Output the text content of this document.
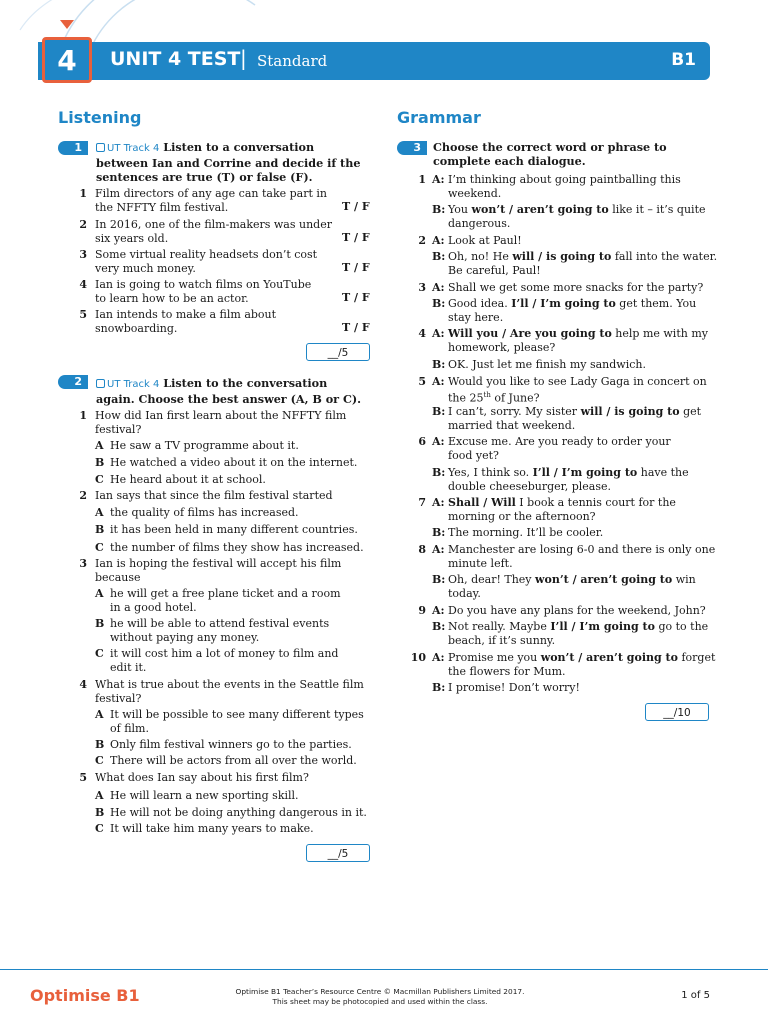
4 UNIT 4 TEST | Standard	B1
Listening
1	UT Track 4 Listen to a conversation
between Ian and Corrine and decide if the
sentences are true (T) or false (F).
1 Film directors of any age can take part in
the NFFTY film festival.	T / F
2 In 2016, one of the film-makers was under
six years old.	T / F
3 Some virtual reality headsets don’t cost
very much money.	T / F
4 Ian is going to watch films on YouTube
to learn how to be an actor.	T / F
5 Ian intends to make a film about
snowboarding.	T / F
__/5
2	UT Track 4 Listen to the conversation
again. Choose the best answer (A, B or C).
1 How did Ian first learn about the NFFTY film
festival?
A He saw a TV programme about it.
B He watched a video about it on the internet.
C He heard about it at school.
2 Ian says that since the film festival started
A the quality of films has increased.
B it has been held in many different countries.
C the number of films they show has increased.
3 Ian is hoping the festival will accept his film
because
A he will get a free plane ticket and a room
in a good hotel.
B he will be able to attend festival events
without paying any money.
C it will cost him a lot of money to film and
edit it.
4 What is true about the events in the Seattle film
festival?
A It will be possible to see many different types
of film.
B Only film festival winners go to the parties.
C There will be actors from all over the world.
5 What does Ian say about his first film?
A He will learn a new sporting skill.
B He will not be doing anything dangerous in it.
C It will take him many years to make.
__/5
Grammar
3	Choose the correct word or phrase to
complete each dialogue.
1 A: I’m thinking about going paintballing this
weekend.
B: You won’t / aren’t going to like it – it’s quite
dangerous.
2 A: Look at Paul!
B: Oh, no! He will / is going to fall into the water.
Be careful, Paul!
3 A: Shall we get some more snacks for the party?
B: Good idea. I’ll / I’m going to get them. You
stay here.
4 A: Will you / Are you going to help me with my
homework, please?
B: OK. Just let me finish my sandwich.
5 A: Would you like to see Lady Gaga in concert on
the 25th of June?
B: I can’t, sorry. My sister will / is going to get
married that weekend.
6 A: Excuse me. Are you ready to order your
food yet?
B: Yes, I think so. I’ll / I’m going to have the
double cheeseburger, please.
7 A: Shall / Will I book a tennis court for the
morning or the afternoon?
B: The morning. It’ll be cooler.
8 A: Manchester are losing 6-0 and there is only one
minute left.
B: Oh, dear! They won’t / aren’t going to win
today.
9 A: Do you have any plans for the weekend, John?
B: Not really. Maybe I’ll / I’m going to go to the
beach, if it’s sunny.
10 A: Promise me you won’t / aren’t going to forget
the flowers for Mum.
B: I promise! Don’t worry!
__/10
Optimise B1	Optimise B1 Teacher’s Resource Centre © Macmillan Publishers Limited 2017.
This sheet may be photocopied and used within the class.
1 of 5
